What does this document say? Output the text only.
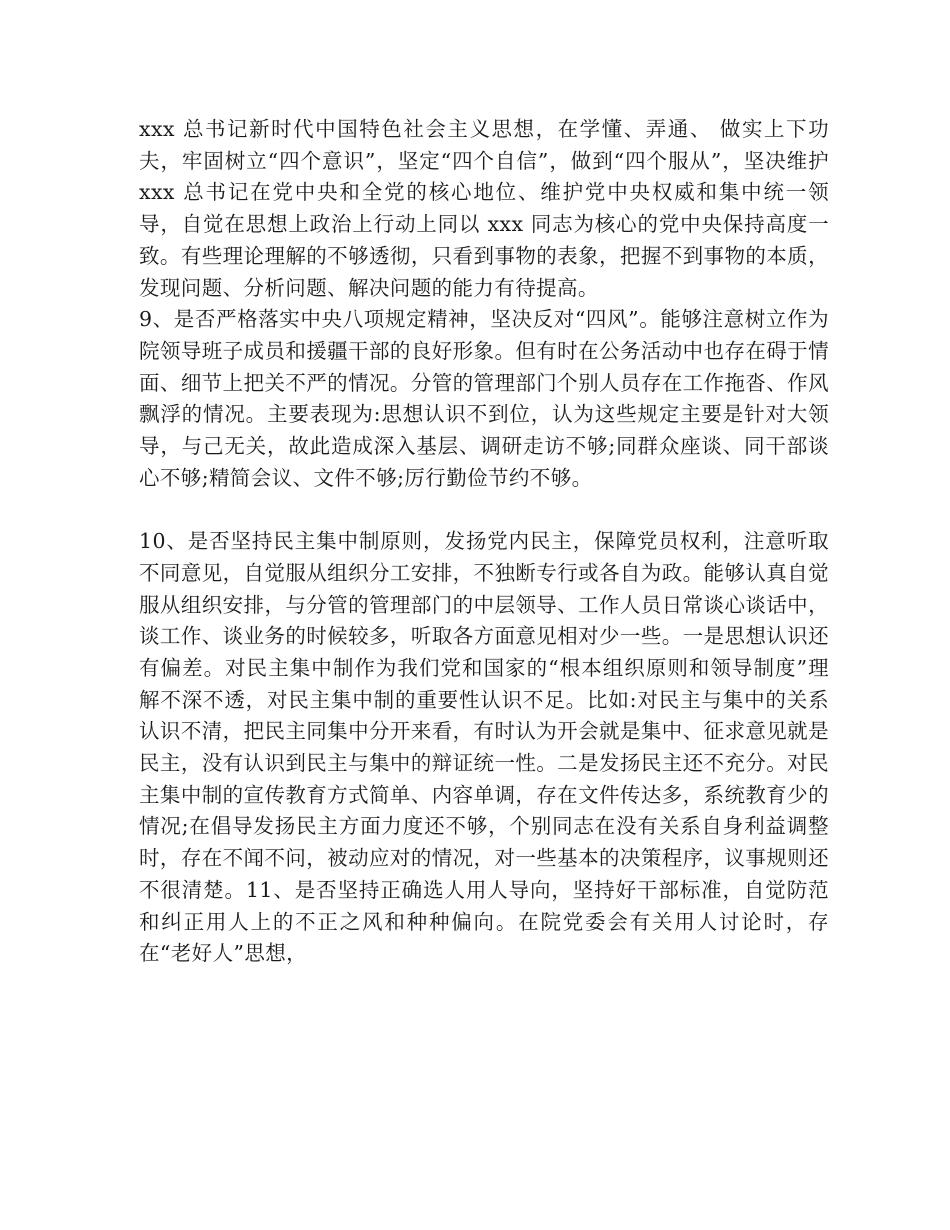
xxx 总书记新时代中国特色社会主义思想，在学懂、弄通、 做实上下功夫，牢固树立“四个意识”，坚定“四个自信”，做到“四个服从”，坚决维护 xxx 总书记在党中央和全党的核心地位、维护党中央权威和集中统一领导，自觉在思想上政治上行动上同以 xxx 同志为核心的党中央保持高度一致。有些理论理解的不够透彻，只看到事物的表象，把握不到事物的本质，发现问题、分析问题、解决问题的能力有待提高。

9、是否严格落实中央八项规定精神，坚决反对“四风”。能够注意树立作为院领导班子成员和援疆干部的良好形象。但有时在公务活动中也存在碍于情面、细节上把关不严的情况。分管的管理部门个别人员存在工作拖沓、作风飘浮的情况。主要表现为:思想认识不到位，认为这些规定主要是针对大领导，与己无关，故此造成深入基层、调研走访不够;同群众座谈、同干部谈心不够;精简会议、文件不够;厉行勤俭节约不够。

10、是否坚持民主集中制原则，发扬党内民主，保障党员权利，注意听取不同意见，自觉服从组织分工安排，不独断专行或各自为政。能够认真自觉服从组织安排，与分管的管理部门的中层领导、工作人员日常谈心谈话中，谈工作、谈业务的时候较多，听取各方面意见相对少一些。一是思想认识还有偏差。对民主集中制作为我们党和国家的“根本组织原则和领导制度”理解不深不透，对民主集中制的重要性认识不足。比如:对民主与集中的关系认识不清，把民主同集中分开来看，有时认为开会就是集中、征求意见就是民主，没有认识到民主与集中的辩证统一性。二是发扬民主还不充分。对民主集中制的宣传教育方式简单、内容单调，存在文件传达多，系统教育少的情况;在倡导发扬民主方面力度还不够，个别同志在没有关系自身利益调整时，存在不闻不问，被动应对的情况，对一些基本的决策程序，议事规则还不很清楚。11、是否坚持正确选人用人导向，坚持好干部标准，自觉防范和纠正用人上的不正之风和种种偏向。在院党委会有关用人讨论时，存在“老好人”思想，
